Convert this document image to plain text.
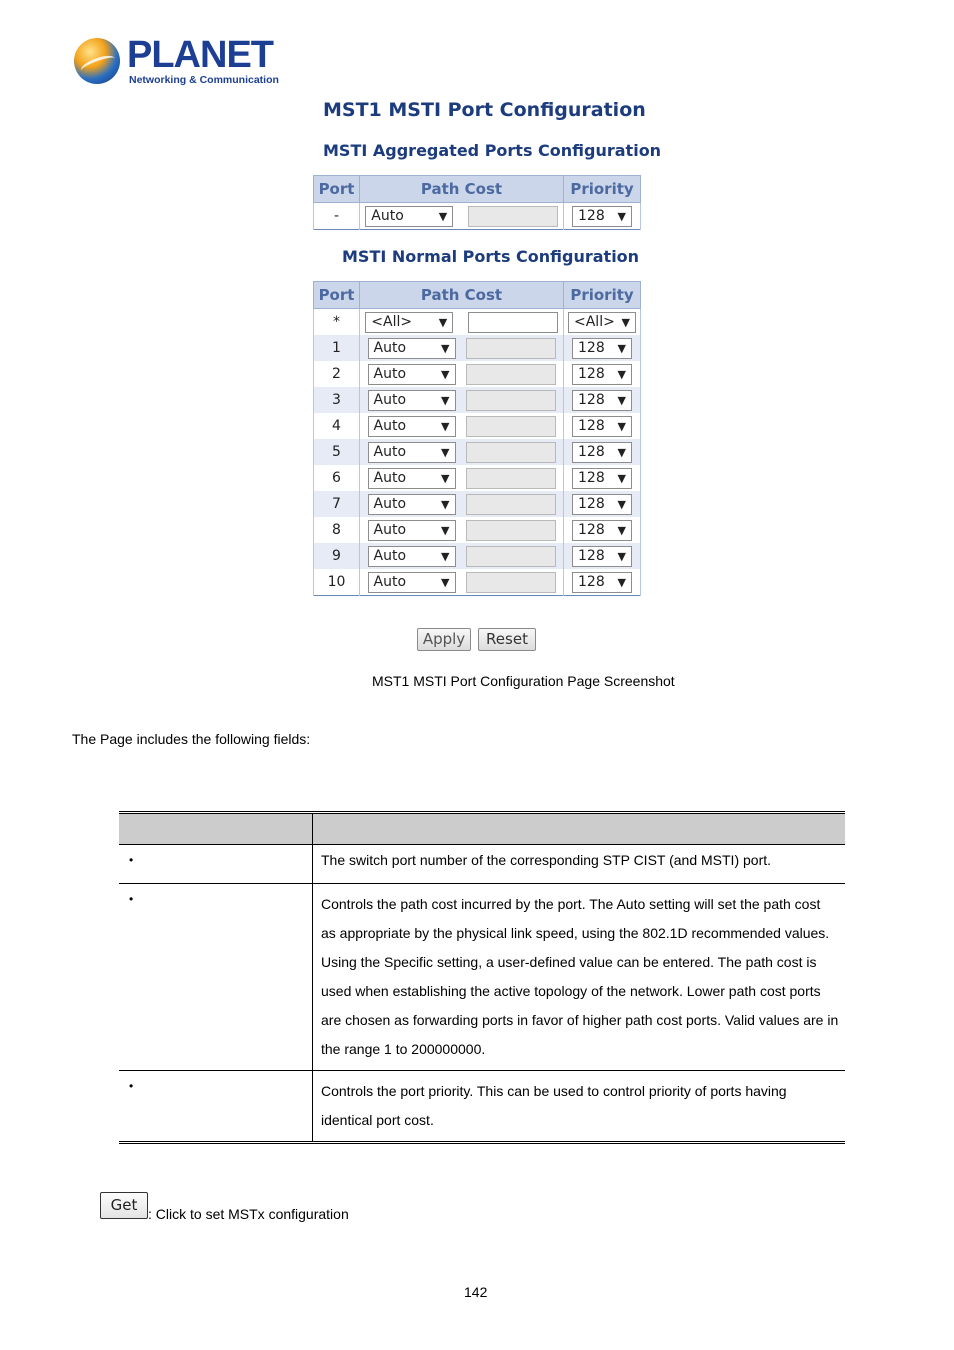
PLANET
Networking & Communication
MST1 MSTI Port Configuration
MSTI Aggregated Ports Configuration
Port	Path Cost	Priority
-	Auto ▼	128 ▼
MSTI Normal Ports Configuration
Port	Path Cost	Priority
*	<All> ▼	<All> ▼

1	Auto ▼	128 ▼

2	Auto ▼	128 ▼

3	Auto ▼	128 ▼

4	Auto ▼	128 ▼

5	Auto ▼	128 ▼

6	Auto ▼	128 ▼

7	Auto ▼	128 ▼

8	Auto ▼	128 ▼

9	Auto ▼	128 ▼

10	Auto ▼	128 ▼
Apply	Reset
MST1 MSTI Port Configuration Page Screenshot
The Page includes the following fields:

•	The switch port number of the corresponding STP CIST (and MSTI) port.
•	Controls the path cost incurred by the port. The Auto setting will set the path cost as appropriate by the physical link speed, using the 802.1D recommended values. Using the Specific setting, a user-defined value can be entered. The path cost is used when establishing the active topology of the network. Lower path cost ports are chosen as forwarding ports in favor of higher path cost ports. Valid values are in the range 1 to 200000000.
•	Controls the port priority. This can be used to control priority of ports having identical port cost.
Get : Click to set MSTx configuration
142
